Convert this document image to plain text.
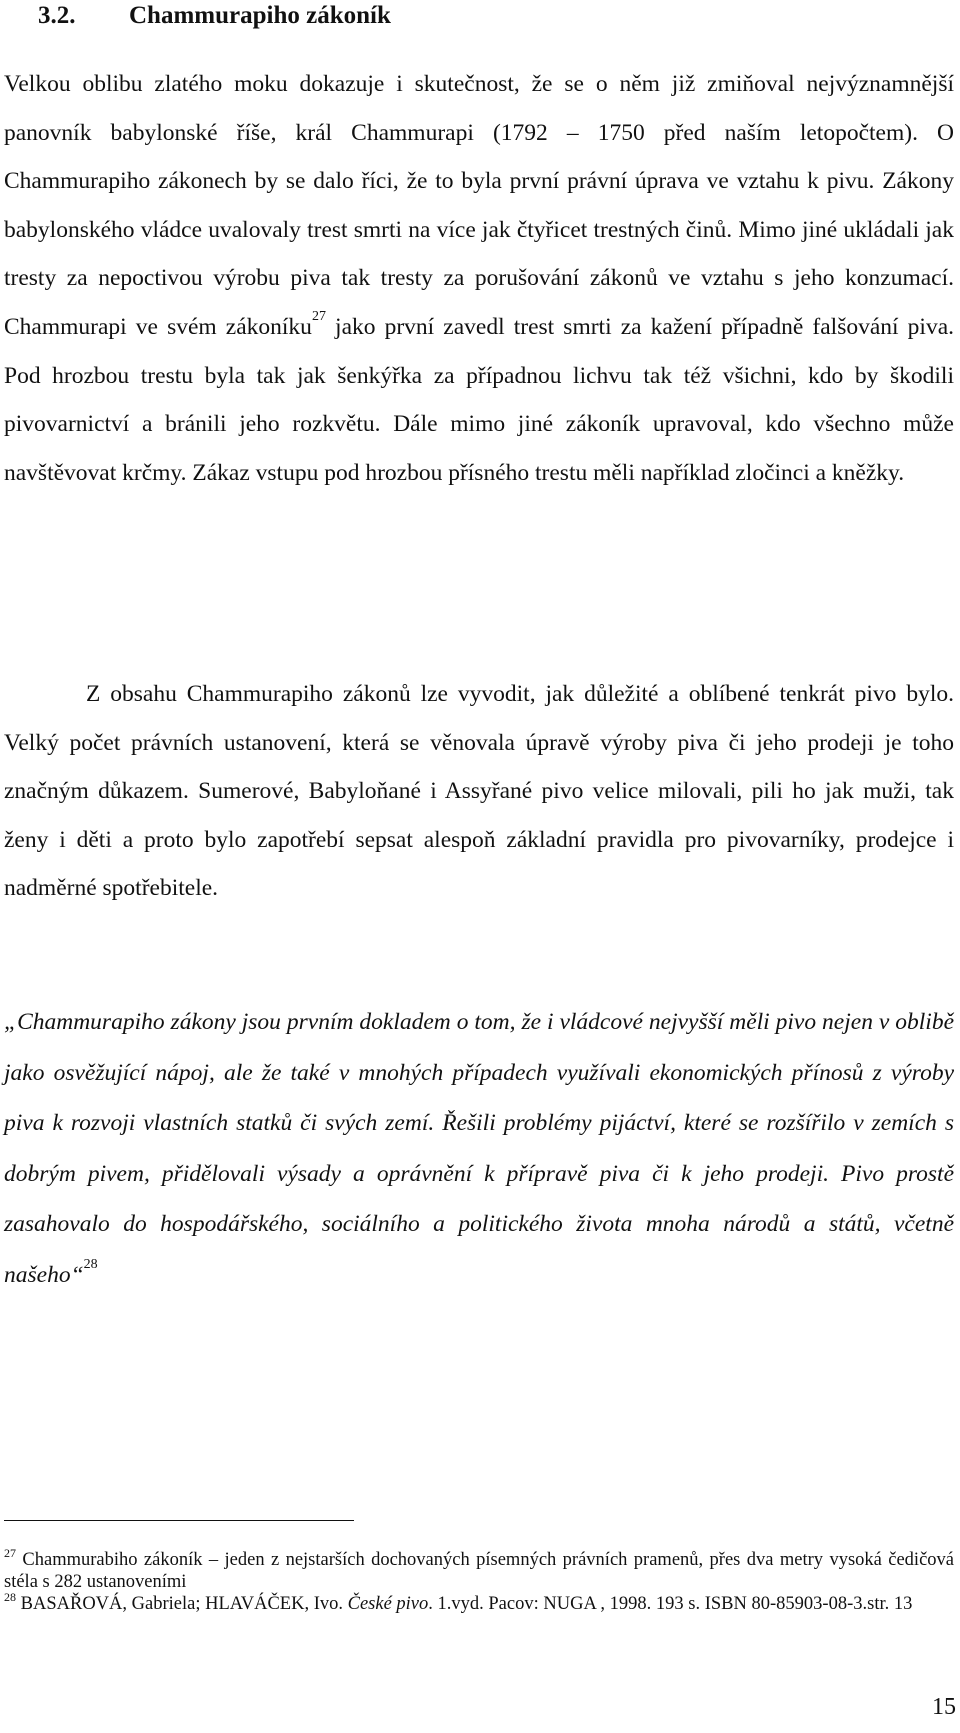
3.2. Chammurapiho zákoník

Velkou oblibu zlatého moku dokazuje i skutečnost, že se o něm již zmiňoval nejvýznamnější panovník babylonské říše, král Chammurapi (1792 – 1750 před naším letopočtem). O Chammurapiho zákonech by se dalo říci, že to byla první právní úprava ve vztahu k pivu. Zákony babylonského vládce uvalovaly trest smrti na více jak čtyřicet trestných činů. Mimo jiné ukládali jak tresty za nepoctivou výrobu piva tak tresty za porušování zákonů ve vztahu s jeho konzumací. Chammurapi ve svém zákoníku$^{27}$ jako první zavedl trest smrti za kažení případně falšování piva. Pod hrozbou trestu byla tak jak šenkýřka za případnou lichvu tak též všichni, kdo by škodili pivovarnictví a bránili jeho rozkvětu. Dále mimo jiné zákoník upravoval, kdo všechno může navštěvovat krčmy. Zákaz vstupu pod hrozbou přísného trestu měli například zločinci a kněžky.

Z obsahu Chammurapiho zákonů lze vyvodit, jak důležité a oblíbené tenkrát pivo bylo. Velký počet právních ustanovení, která se věnovala úpravě výroby piva či jeho prodeji je toho značným důkazem. Sumerové, Babyloňané i Assyřané pivo velice milovali, pili ho jak muži, tak ženy i děti a proto bylo zapotřebí sepsat alespoň základní pravidla pro pivovarníky, prodejce i nadměrné spotřebitele.

„Chammurapiho zákony jsou prvním dokladem o tom, že i vládcové nejvyšší měli pivo nejen v oblibě jako osvěžující nápoj, ale že také v mnohých případech využívali ekonomických přínosů z výroby piva k rozvoji vlastních statků či svých zemí. Řešili problémy pijáctví, které se rozšířilo v zemích s dobrým pivem, přidělovali výsady a oprávnění k přípravě piva či k jeho prodeji. Pivo prostě zasahovalo do hospodářského, sociálního a politického života mnoha národů a států, včetně našeho“$^{28}$

$^{27}$ Chammurabiho zákoník – jeden z nejstarších dochovaných písemných právních pramenů, přes dva metry vysoká čedičová stéla s 282 ustanoveními

$^{28}$ BASAŘOVÁ, Gabriela; HLAVÁČEK, Ivo. České pivo. 1.vyd. Pacov: NUGA , 1998. 193 s. ISBN 80-85903-08-3.str. 13

15
